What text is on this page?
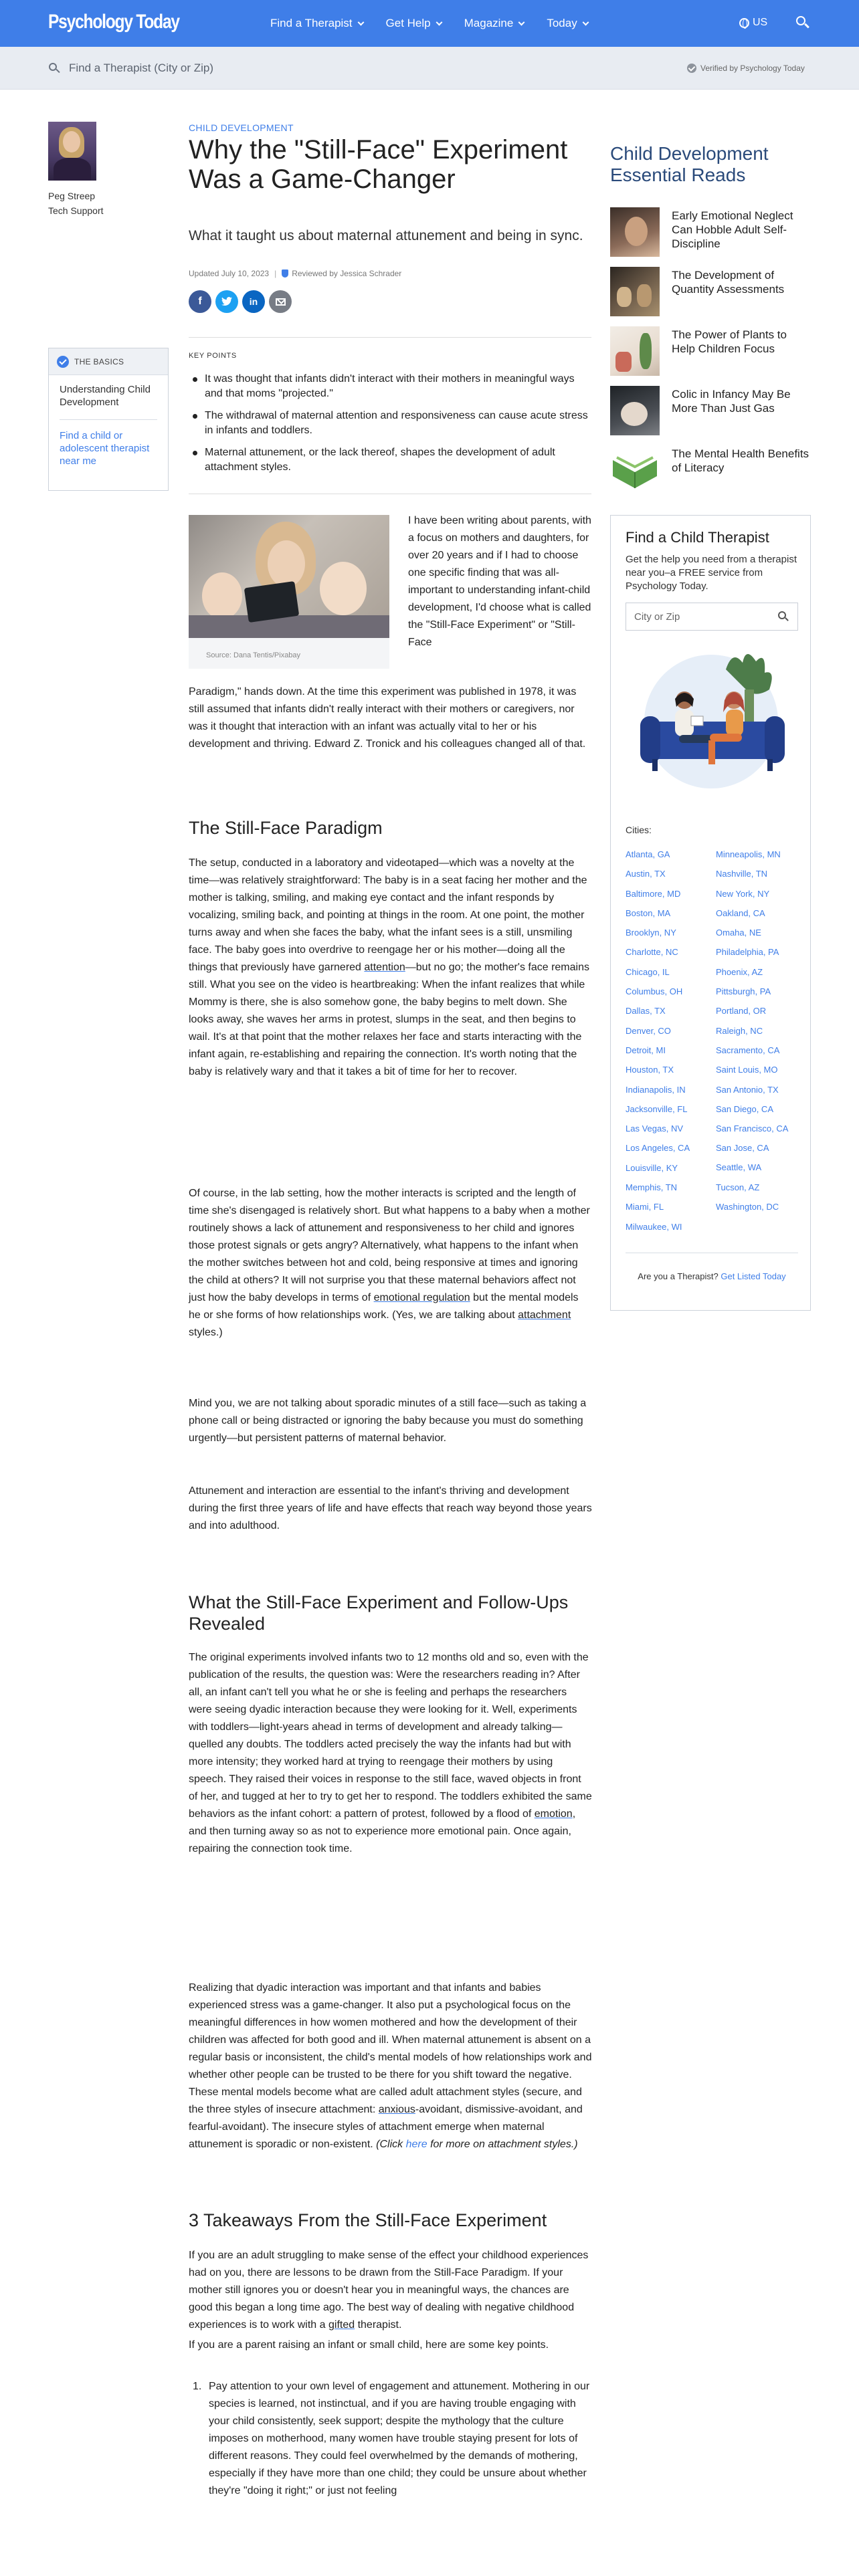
Psychology Today	Find a Therapist	Get Help	Magazine	Today	US
Find a Therapist (City or Zip)
Verified by Psychology Today
Peg Streep
Tech Support
THE BASICS
Understanding Child Development
Find a child or adolescent therapist near me
CHILD DEVELOPMENT
Why the "Still-Face" Experiment Was a Game-Changer
What it taught us about maternal attunement and being in sync.
Updated July 10, 2023 | Reviewed by Jessica Schrader
f	in
KEY POINTS
It was thought that infants didn't interact with their mothers in meaningful ways and that moms "projected."
The withdrawal of maternal attention and responsiveness can cause acute stress in infants and toddlers.
Maternal attunement, or the lack thereof, shapes the development of adult attachment styles.
Source: Dana Tentis/Pixabay
I have been writing about parents, with a focus on mothers and daughters, for over 20 years and if I had to choose one specific finding that was all-important to understanding infant-child development, I'd choose what is called the "Still-Face Experiment" or "Still-Face
Paradigm," hands down. At the time this experiment was published in 1978, it was still assumed that infants didn't really interact with their mothers or caregivers, nor was it thought that interaction with an infant was actually vital to her or his development and thriving. Edward Z. Tronick and his colleagues changed all of that.
The Still-Face Paradigm
The setup, conducted in a laboratory and videotaped—which was a novelty at the time—was relatively straightforward: The baby is in a seat facing her mother and the mother is talking, smiling, and making eye contact and the infant responds by vocalizing, smiling back, and pointing at things in the room. At one point, the mother turns away and when she faces the baby, what the infant sees is a still, unsmiling face. The baby goes into overdrive to reengage her or his mother—doing all the things that previously have garnered attention—but no go; the mother's face remains still. What you see on the video is heartbreaking: When the infant realizes that while Mommy is there, she is also somehow gone, the baby begins to melt down. She looks away, she waves her arms in protest, slumps in the seat, and then begins to wail. It's at that point that the mother relaxes her face and starts interacting with the infant again, re-establishing and repairing the connection. It's worth noting that the baby is relatively wary and that it takes a bit of time for her to recover.
Of course, in the lab setting, how the mother interacts is scripted and the length of time she's disengaged is relatively short. But what happens to a baby when a mother routinely shows a lack of attunement and responsiveness to her child and ignores those protest signals or gets angry? Alternatively, what happens to the infant when the mother switches between hot and cold, being responsive at times and ignoring the child at others? It will not surprise you that these maternal behaviors affect not just how the baby develops in terms of emotional regulation but the mental models he or she forms of how relationships work. (Yes, we are talking about attachment styles.)
Mind you, we are not talking about sporadic minutes of a still face—such as taking a phone call or being distracted or ignoring the baby because you must do something urgently—but persistent patterns of maternal behavior.
Attunement and interaction are essential to the infant's thriving and development during the first three years of life and have effects that reach way beyond those years and into adulthood.
What the Still-Face Experiment and Follow-Ups Revealed
The original experiments involved infants two to 12 months old and so, even with the publication of the results, the question was: Were the researchers reading in? After all, an infant can't tell you what he or she is feeling and perhaps the researchers were seeing dyadic interaction because they were looking for it. Well, experiments with toddlers—light-years ahead in terms of development and already talking—quelled any doubts. The toddlers acted precisely the way the infants had but with more intensity; they worked hard at trying to reengage their mothers by using speech. They raised their voices in response to the still face, waved objects in front of her, and tugged at her to try to get her to respond. The toddlers exhibited the same behaviors as the infant cohort: a pattern of protest, followed by a flood of emotion, and then turning away so as not to experience more emotional pain. Once again, repairing the connection took time.
Realizing that dyadic interaction was important and that infants and babies experienced stress was a game-changer. It also put a psychological focus on the meaningful differences in how women mothered and how the development of their children was affected for both good and ill. When maternal attunement is absent on a regular basis or inconsistent, the child's mental models of how relationships work and whether other people can be trusted to be there for you shift toward the negative. These mental models become what are called adult attachment styles (secure, and the three styles of insecure attachment: anxious-avoidant, dismissive-avoidant, and fearful-avoidant). The insecure styles of attachment emerge when maternal attunement is sporadic or non-existent. (Click here for more on attachment styles.)
3 Takeaways From the Still-Face Experiment
If you are an adult struggling to make sense of the effect your childhood experiences had on you, there are lessons to be drawn from the Still-Face Paradigm. If your mother still ignores you or doesn't hear you in meaningful ways, the chances are good this began a long time ago. The best way of dealing with negative childhood experiences is to work with a gifted therapist.
If you are a parent raising an infant or small child, here are some key points.
1. Pay attention to your own level of engagement and attunement. Mothering in our species is learned, not instinctual, and if you are having trouble engaging with your child consistently, seek support; despite the mythology that the culture imposes on motherhood, many women have trouble staying present for lots of different reasons. They could feel overwhelmed by the demands of mothering, especially if they have more than one child; they could be unsure about whether they're "doing it right;" or just not feeling
Child Development Essential Reads
Early Emotional Neglect Can Hobble Adult Self-Discipline
The Development of Quantity Assessments
The Power of Plants to Help Children Focus
Colic in Infancy May Be More Than Just Gas
The Mental Health Benefits of Literacy
Find a Child Therapist
Get the help you need from a therapist near you–a FREE service from Psychology Today.
City or Zip
Cities:
Atlanta, GA
Austin, TX
Baltimore, MD
Boston, MA
Brooklyn, NY
Charlotte, NC
Chicago, IL
Columbus, OH
Dallas, TX
Denver, CO
Detroit, MI
Houston, TX
Indianapolis, IN
Jacksonville, FL
Las Vegas, NV
Los Angeles, CA
Louisville, KY
Memphis, TN
Miami, FL
Milwaukee, WI
Minneapolis, MN
Nashville, TN
New York, NY
Oakland, CA
Omaha, NE
Philadelphia, PA
Phoenix, AZ
Pittsburgh, PA
Portland, OR
Raleigh, NC
Sacramento, CA
Saint Louis, MO
San Antonio, TX
San Diego, CA
San Francisco, CA
San Jose, CA
Seattle, WA
Tucson, AZ
Washington, DC
Are you a Therapist? Get Listed Today
